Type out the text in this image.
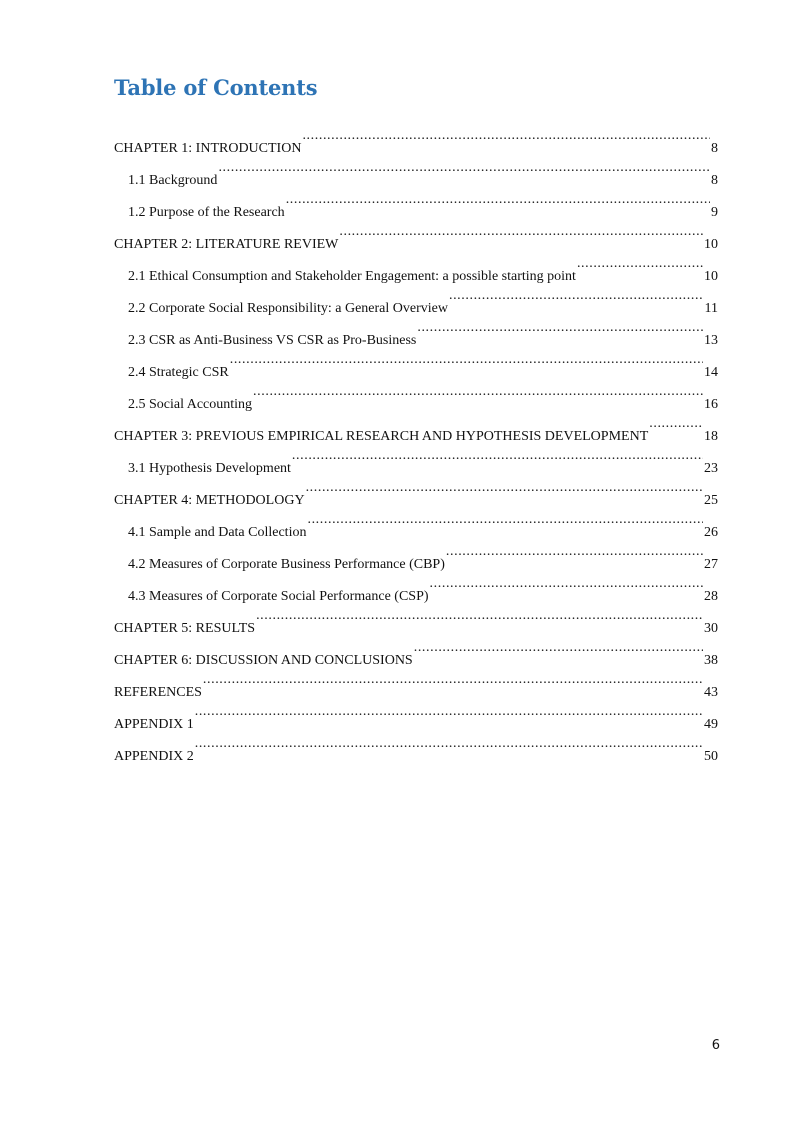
Table of Contents
CHAPTER 1: INTRODUCTION .....	8
1.1 Background .....	8
1.2 Purpose of the Research .....	9
CHAPTER 2: LITERATURE REVIEW .....	10
2.1 Ethical Consumption and Stakeholder Engagement: a possible starting point .....	10
2.2 Corporate Social Responsibility: a General Overview .....	11
2.3 CSR as Anti-Business VS CSR as Pro-Business .....	13
2.4 Strategic CSR .....	14
2.5 Social Accounting .....	16
CHAPTER 3: PREVIOUS EMPIRICAL RESEARCH AND HYPOTHESIS DEVELOPMENT .....	18
3.1 Hypothesis Development .....	23
CHAPTER 4: METHODOLOGY .....	25
4.1 Sample and Data Collection .....	26
4.2 Measures of Corporate Business Performance (CBP) .....	27
4.3 Measures of Corporate Social Performance (CSP) .....	28
CHAPTER 5: RESULTS .....	30
CHAPTER 6: DISCUSSION AND CONCLUSIONS .....	38
REFERENCES .....	43
APPENDIX 1 .....	49
APPENDIX 2 .....	50
6
